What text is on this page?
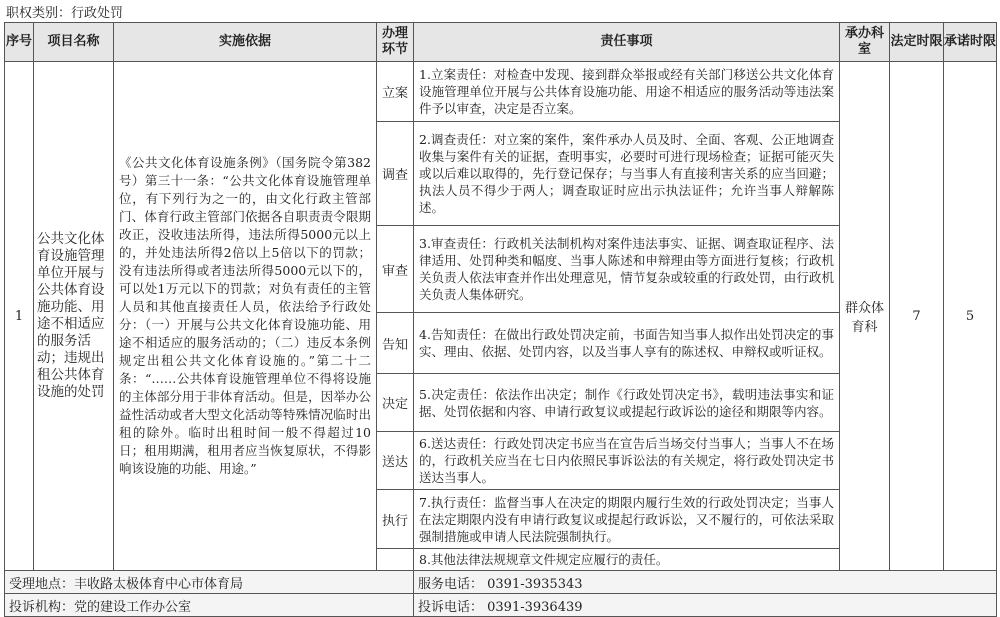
职权类别：行政处罚
序号	项目名称	实施依据	办理环节	责任事项	承办科室	法定时限	承诺时限
1	公共文化体育设施管理单位开展与公共体育设施功能、用途不相适应的服务活动；违规出租公共体育设施的处罚	《公共文化体育设施条例》（国务院令第382号）第三十一条：“公共文化体育设施管理单位，有下列行为之一的，由文化行政主管部门、体育行政主管部门依据各自职责责令限期改正，没收违法所得，违法所得5000元以上的，并处违法所得2倍以上5倍以下的罚款；没有违法所得或者违法所得5000元以下的，可以处1万元以下的罚款；对负有责任的主管人员和其他直接责任人员，依法给予行政处分：（一）开展与公共文化体育设施功能、用途不相适应的服务活动的；（二）违反本条例规定出租公共文化体育设施的。”第二十二条：“……公共体育设施管理单位不得将设施的主体部分用于非体育活动。但是，因举办公益性活动或者大型文化活动等特殊情况临时出租的除外。临时出租时间一般不得超过10日；租用期满，租用者应当恢复原状，不得影响该设施的功能、用途。”	立案	1.立案责任：对检查中发现、接到群众举报或经有关部门移送公共文化体育设施管理单位开展与公共体育设施功能、用途不相适应的服务活动等违法案件予以审查，决定是否立案。	群众体育科	7	5
			调查	2.调查责任：对立案的案件，案件承办人员及时、全面、客观、公正地调查收集与案件有关的证据，查明事实，必要时可进行现场检查；证据可能灭失或以后难以取得的，先行登记保存；与当事人有直接利害关系的应当回避；执法人员不得少于两人；调查取证时应出示执法证件；允许当事人辩解陈述。			
			审查	3.审查责任：行政机关法制机构对案件违法事实、证据、调查取证程序、法律适用、处罚种类和幅度、当事人陈述和申辩理由等方面进行复核；行政机关负责人依法审查并作出处理意见，情节复杂或较重的行政处罚，由行政机关负责人集体研究。			
			告知	4.告知责任：在做出行政处罚决定前，书面告知当事人拟作出处罚决定的事实、理由、依据、处罚内容，以及当事人享有的陈述权、申辩权或听证权。			
			决定	5.决定责任：依法作出决定；制作《行政处罚决定书》，载明违法事实和证据、处罚依据和内容、申请行政复议或提起行政诉讼的途径和期限等内容。			
			送达	6.送达责任：行政处罚决定书应当在宣告后当场交付当事人；当事人不在场的，行政机关应当在七日内依照民事诉讼法的有关规定，将行政处罚决定书送达当事人。			
			执行	7.执行责任：监督当事人在决定的期限内履行生效的行政处罚决定；当事人在法定期限内没有申请行政复议或提起行政诉讼，又不履行的，可依法采取强制措施或申请人民法院强制执行。			
				8.其他法律法规规章文件规定应履行的责任。			
受理地点：丰收路太极体育中心市体育局				服务电话： 0391-3935343			
投诉机构：党的建设工作办公室				投诉电话： 0391-3936439			
